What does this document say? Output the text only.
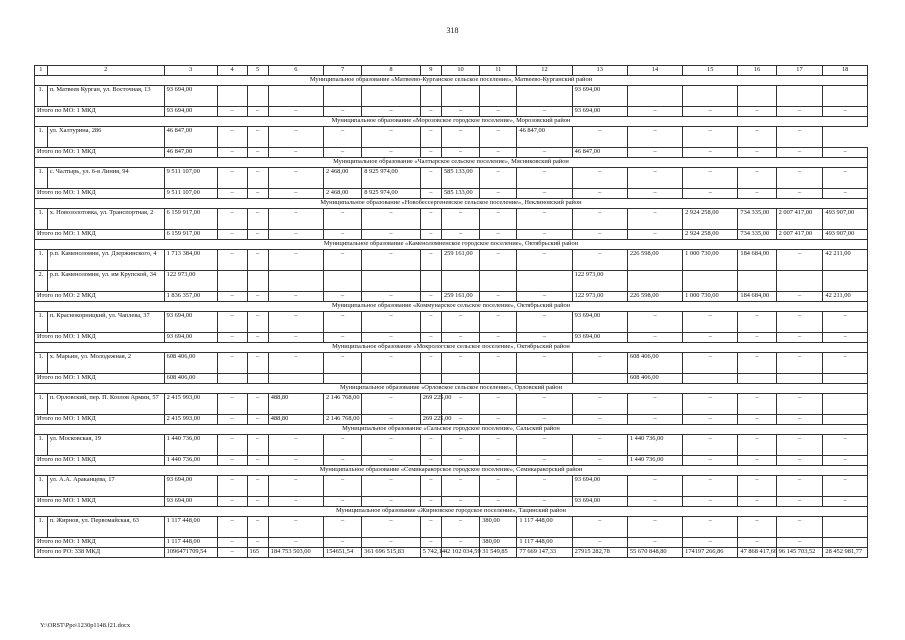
318
1	2	3	4	5	6	7	8	9	10	11	12	13	14	15	16	17	18
Муниципальное образование «Матвеево-Курганское сельское поселение», Матвеево-Курганский район																	
1.	п. Матвеев Курган, ул. Восточная, 13	93 694,00										93 694,00					
Итого по МО: 1 МКД		93 694,00	–	–	–	–	–	–	–	–	–	93 694,00	–	–	–	–	–
Муниципальное образование «Морозовское городское поселение», Морозовский район																	
1.	ул. Халтурина, 286	46 847,00	–	–	–	–	–	–	–	–	46 847,00	–	–	–	–	–	
Итого по МО: 1 МКД		46 847,00	–	–	–	–	–	–	–	–	–	46 847,00	–	–	–	–	–
Муниципальное образование «Чалтырское сельское поселение», Мясниковский район																	
1.	с. Чалтырь, ул. 6-я Линия, 94	9 511 107,00	–	–	–	2 468,00	8 925 974,00	–	585 133,00	–	–	–	–	–	–	–	–
Итого по МО: 1 МКД		9 511 107,00	–	–	–	2 468,00	8 925 974,00	–	585 133,00	–	–	–	–	–	–	–	–
Муниципальное образование «Новобессергеневское сельское поселение», Неклиновский район																	
1.	х. Новозолотовка, ул. Транспортная, 2	6 159 917,00	–	–	–	–	–	–	–	–	–	–	–	2 924 258,00	734 335,00	2 007 417,00	493 907,00
Итого по МО: 1 МКД		6 159 917,00	–	–	–	–	–	–	–	–	–	–	–	2 924 258,00	734 335,00	2 007 417,00	493 907,00
Муниципальное образование «Каменоломненское городское поселение», Октябрьский район																	
1.	р.п. Каменоломни, ул. Дзержинского, 4	1 713 384,00	–	–	–	–	–	–	259 161,00	–	–	–	226 598,00	1 000 730,00	184 684,00	–	42 211,00
2.	р.п. Каменоломни, ул. им Крупской, 34	122 973,00										122 973,00					
Итого по МО: 2 МКД		1 836 357,00	–	–	–	–	–	–	259 161,00	–	–	122 973,00	226 598,00	1 000 730,00	184 684,00	–	42 211,00
Муниципальное образование «Коммунарское сельское поселение», Октябрьский район																	
1.	п. Краснокорницкий, ул. Чаплева, 37	93 694,00	–	–	–	–	–	–	–	–	–	93 694,00	–	–	–	–	–
Итого по МО: 1 МКД		93 694,00	–	–	–	–	–	–	–	–	–	93 694,00	–	–	–	–	–
Муниципальное образование «Мокрологское сельское поселение», Октябрьский район																	
1.	х. Марьин, ул. Молодежная, 2	608 406,00	–	–	–	–	–	–	–	–	–	–	608 406,00	–	–	–	–
Итого по МО: 1 МКД		608 406,00											608 406,00				
Муниципальное образование «Орловское сельское поселение», Орловский район																	
1.	п. Орловский, пер. П. Козлов Армии, 57	2 415 993,00	–	–	488,80	2 146 768,00	–	269 225,00	–	–	–	–	–	–	–	–	
Итого по МО: 1 МКД		2 415 993,00	–	–	488,80	2 146 768,00	–	269 225,00	–	–	–	–	–	–	–	–	
Муниципальное образование «Сальское городское поселение», Сальский район																	
1.	ул. Московская, 19	1 440 736,00	–	–	–	–	–	–	–	–	–	–	1 440 736,00	–	–	–	–
Итого по МО: 1 МКД		1 440 736,00	–	–	–	–	–	–	–	–	–	–	1 440 736,00	–	–	–	–
Муниципальное образование «Семикаракорское городское поселение», Семикаракорский район																	
1.	ул. А.А. Араканцева, 17	93 694,00	–	–	–	–	–	–	–	–	–	93 694,00	–	–	–	–	–
Итого по МО: 1 МКД		93 694,00	–	–	–	–	–	–	–	–	–	93 694,00	–	–	–	–	–
Муниципальное образование «Жирновское городское поселение», Тацинский район																	
1.	п. Жирнов, ул. Первомайская, 63	1 117 448,00	–	–	–	–	–	–	–	380,00	1 117 448,00	–	–	–	–	–	
Итого по МО: 1 МКД		1 117 448,00	–	–	–	–	–	–	–	380,00	1 117 448,00	–	–	–	–	–	
Итого по РО: 338 МКД		1096471709,54	–	165	184 753 503,00	154651,54	361 696 515,83	5 742,14	42 102 034,59	31 549,85	77 669 147,33	27915 282,78	55 670 848,80	174197 266,86	47 868 417,66	96 145 703,52	28 452 981,77
Y:\ORST\Ppo\1230p1148.f21.docx
